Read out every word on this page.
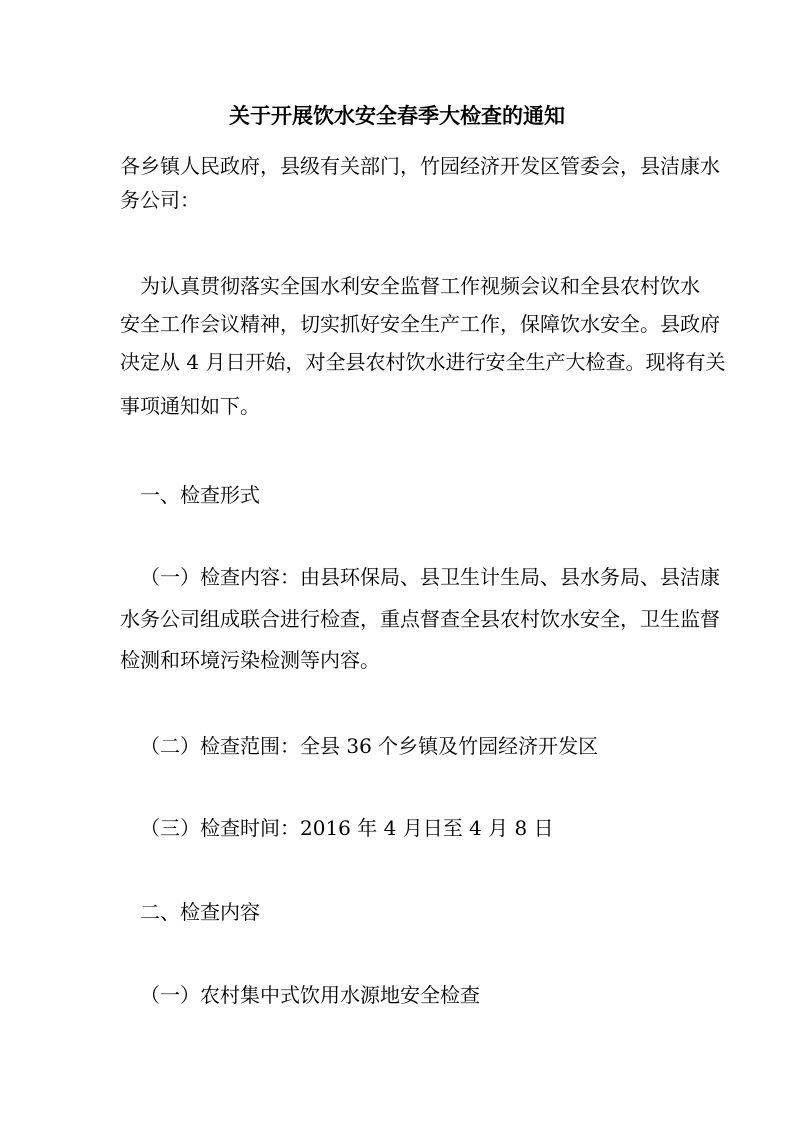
关于开展饮水安全春季大检查的通知
各乡镇人民政府，县级有关部门，竹园经济开发区管委会，县洁康水
务公司：
为认真贯彻落实全国水利安全监督工作视频会议和全县农村饮水
安全工作会议精神，切实抓好安全生产工作，保障饮水安全。县政府
决定从 4 月日开始，对全县农村饮水进行安全生产大检查。现将有关
事项通知如下。
一、检查形式
（一）检查内容：由县环保局、县卫生计生局、县水务局、县洁康
水务公司组成联合进行检查，重点督查全县农村饮水安全，卫生监督
检测和环境污染检测等内容。
（二）检查范围：全县 36 个乡镇及竹园经济开发区
（三）检查时间：2016 年 4 月日至 4 月 8 日
二、检查内容
（一）农村集中式饮用水源地安全检查
